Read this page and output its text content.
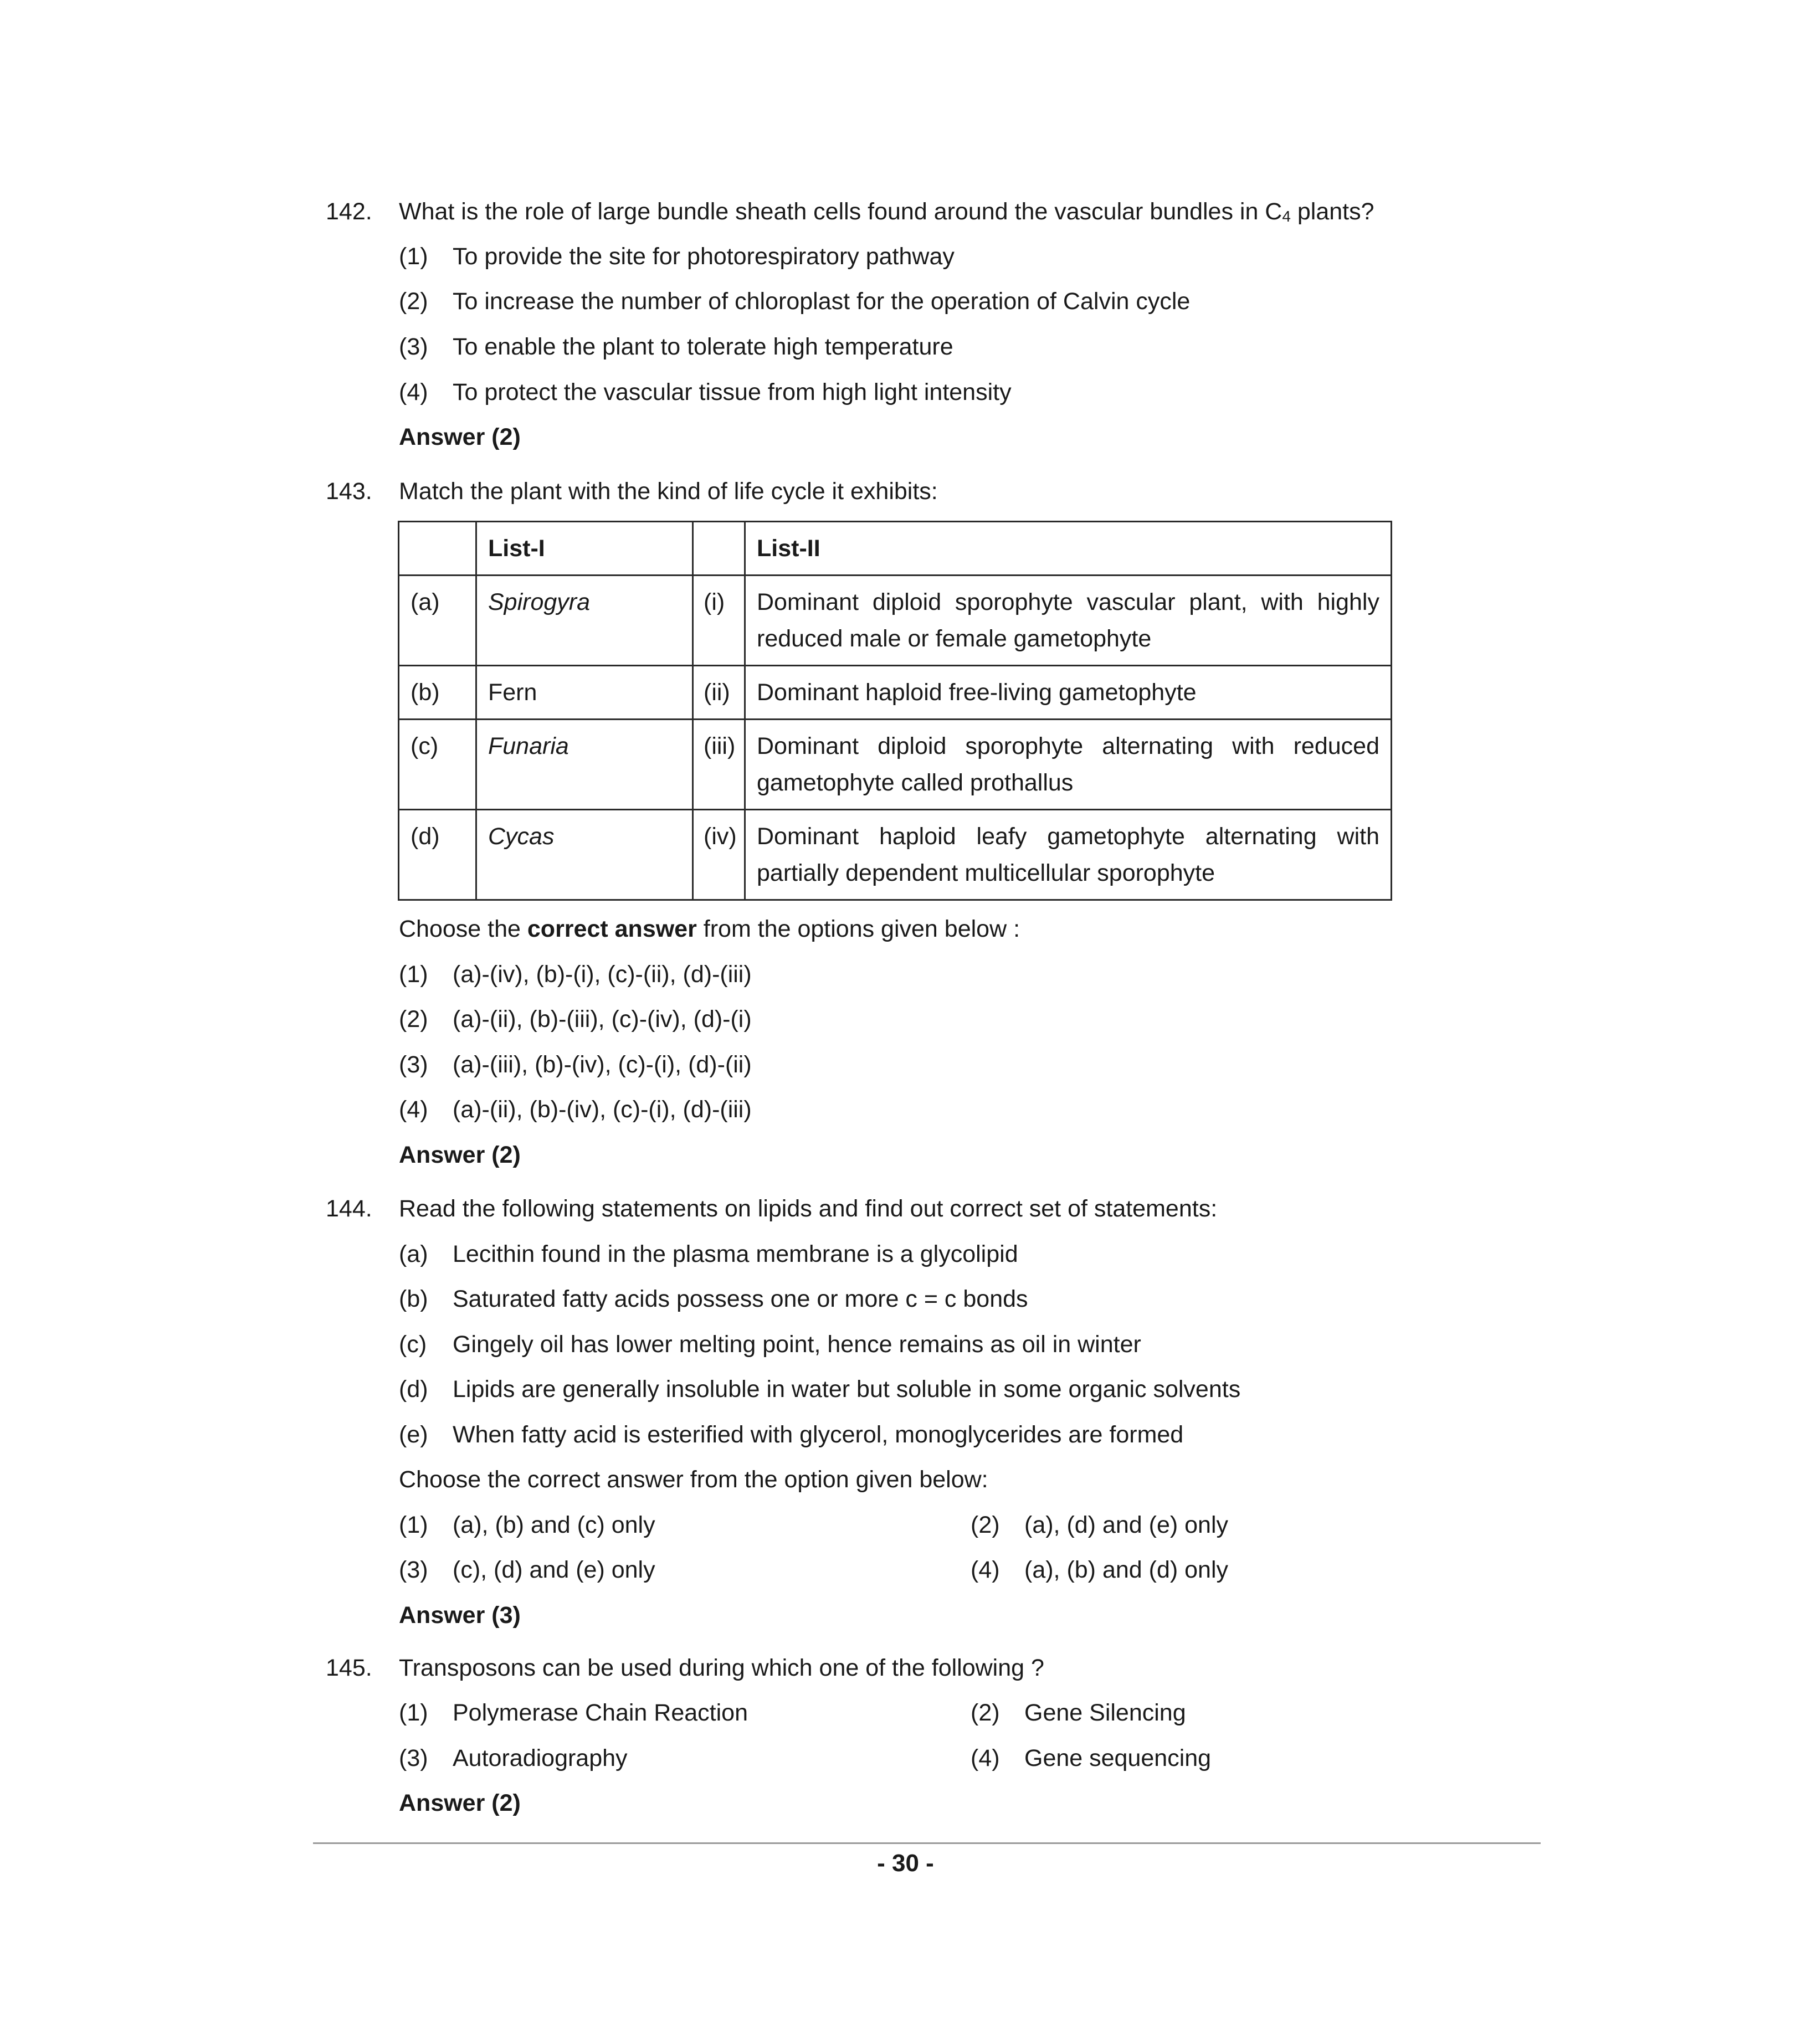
142. What is the role of large bundle sheath cells found around the vascular bundles in $C_4$ plants?
(1) To provide the site for photorespiratory pathway
(2) To increase the number of chloroplast for the operation of Calvin cycle
(3) To enable the plant to tolerate high temperature
(4) To protect the vascular tissue from high light intensity
Answer (2)
143. Match the plant with the kind of life cycle it exhibits:
	List-I		List-II
(a)	Spirogyra	(i)	Dominant diploid sporophyte vascular plant, with highly reduced male or female gametophyte
(b)	Fern	(ii)	Dominant haploid free-living gametophyte
(c)	Funaria	(iii)	Dominant diploid sporophyte alternating with reduced gametophyte called prothallus
(d)	Cycas	(iv)	Dominant haploid leafy gametophyte alternating with partially dependent multicellular sporophyte
Choose the correct answer from the options given below :
(1) (a)-(iv), (b)-(i), (c)-(ii), (d)-(iii)
(2) (a)-(ii), (b)-(iii), (c)-(iv), (d)-(i)
(3) (a)-(iii), (b)-(iv), (c)-(i), (d)-(ii)
(4) (a)-(ii), (b)-(iv), (c)-(i), (d)-(iii)
Answer (2)
144. Read the following statements on lipids and find out correct set of statements:
(a) Lecithin found in the plasma membrane is a glycolipid
(b) Saturated fatty acids possess one or more c = c bonds
(c) Gingely oil has lower melting point, hence remains as oil in winter
(d) Lipids are generally insoluble in water but soluble in some organic solvents
(e) When fatty acid is esterified with glycerol, monoglycerides are formed
Choose the correct answer from the option given below:
(1) (a), (b) and (c) only	(2) (a), (d) and (e) only
(3) (c), (d) and (e) only	(4) (a), (b) and (d) only
Answer (3)
145. Transposons can be used during which one of the following ?
(1) Polymerase Chain Reaction	(2) Gene Silencing
(3) Autoradiography	(4) Gene sequencing
Answer (2)
- 30 -
